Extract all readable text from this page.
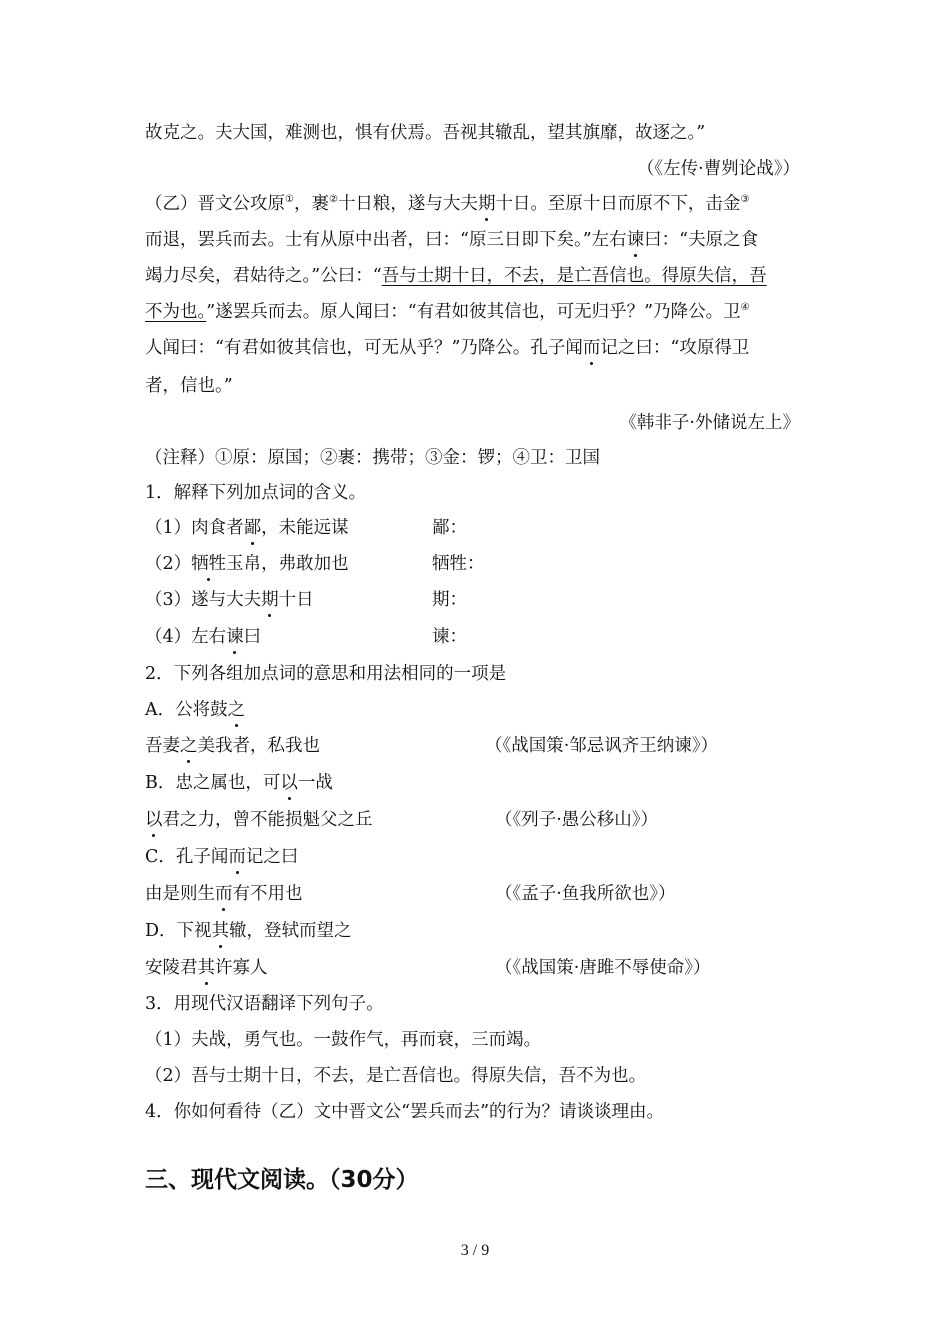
故克之。夫大国，难测也，惧有伏焉。吾视其辙乱，望其旗靡，故逐之。”
（《左传·曹刿论战》）
（乙）晋文公攻原①，裹②十日粮，遂与大夫期十日。至原十日而原不下，击金③
而退，罢兵而去。士有从原中出者，曰：“原三日即下矣。”左右谏曰：“夫原之食
竭力尽矣，君姑待之。”公曰：“吾与士期十日，不去，是亡吾信也。得原失信，吾
不为也。”遂罢兵而去。原人闻曰：“有君如彼其信也，可无归乎？”乃降公。卫④
人闻曰：“有君如彼其信也，可无从乎？”乃降公。孔子闻而记之曰：“攻原得卫
者，信也。”
《韩非子·外储说左上》
（注释）①原：原国；②裹：携带；③金：锣；④卫：卫国
1．解释下列加点词的含义。
（1）肉食者鄙，未能远谋	鄙：
（2）牺牲玉帛，弗敢加也	牺牲：
（3）遂与大夫期十日	期：
（4）左右谏曰	谏：
2．下列各组加点词的意思和用法相同的一项是
A．公将鼓之
吾妻之美我者，私我也	（《战国策·邹忌讽齐王纳谏》）
B．忠之属也，可以一战
以君之力，曾不能损魁父之丘	（《列子·愚公移山》）
C．孔子闻而记之曰
由是则生而有不用也	（《孟子·鱼我所欲也》）
D．下视其辙，登轼而望之
安陵君其许寡人	（《战国策·唐雎不辱使命》）
3．用现代汉语翻译下列句子。
（1）夫战，勇气也。一鼓作气，再而衰，三而竭。
（2）吾与士期十日，不去，是亡吾信也。得原失信，吾不为也。
4．你如何看待（乙）文中晋文公“罢兵而去”的行为？请谈谈理由。
三、现代文阅读。（30分）
3 / 9
